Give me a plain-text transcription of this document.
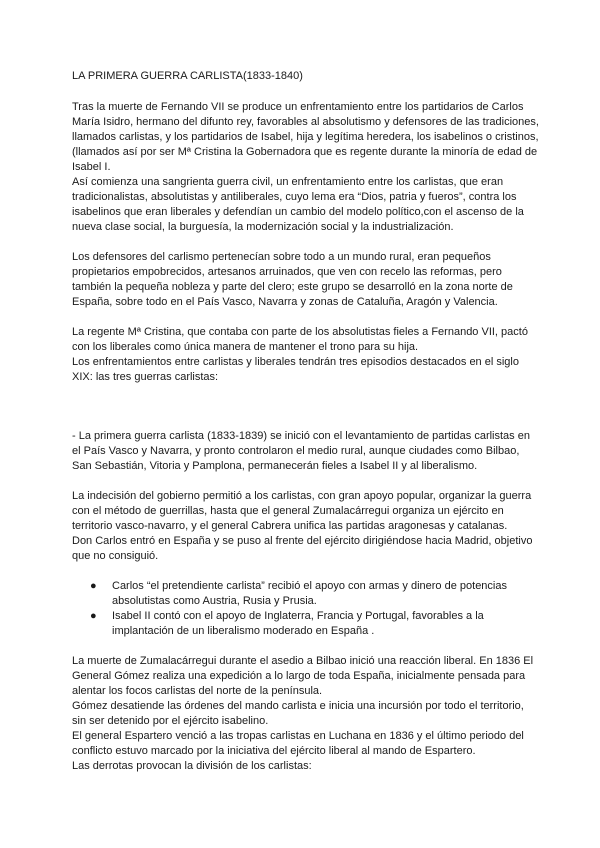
LA PRIMERA GUERRA CARLISTA(1833-1840)

Tras la muerte de Fernando VII se produce un enfrentamiento entre los partidarios de Carlos María Isidro, hermano del difunto rey, favorables al absolutismo y defensores de las tradiciones, llamados carlistas, y los partidarios de Isabel, hija y legítima heredera, los isabelinos o cristinos, (llamados así por ser Mª Cristina la Gobernadora que es regente durante la minoría de edad de Isabel I.

Así comienza una sangrienta guerra civil, un enfrentamiento entre los carlistas, que eran tradicionalistas, absolutistas y antiliberales, cuyo lema era “Dios, patria y fueros”, contra los isabelinos que eran liberales y defendían un cambio del modelo político,con el ascenso de la nueva clase social, la burguesía, la modernización social y la industrialización.

Los defensores del carlismo pertenecían sobre todo a un mundo rural, eran pequeños propietarios empobrecidos, artesanos arruinados, que ven con recelo las reformas, pero también la pequeña nobleza y parte del clero; este grupo se desarrolló en la zona norte de España, sobre todo en el País Vasco, Navarra y zonas de Cataluña, Aragón y Valencia.

La regente Mª Cristina, que contaba con parte de los absolutistas fieles a Fernando VII, pactó con los liberales como única manera de mantener el trono para su hija.

Los enfrentamientos entre carlistas y liberales tendrán tres episodios destacados en el siglo XIX: las tres guerras carlistas:

- La primera guerra carlista (1833-1839) se inició con el levantamiento de partidas carlistas en el País Vasco y Navarra, y pronto controlaron el medio rural, aunque ciudades como Bilbao, San Sebastián, Vitoria y Pamplona, permanecerán fieles a Isabel II y al liberalismo.

La indecisión del gobierno permitió a los carlistas, con gran apoyo popular, organizar la guerra con el método de guerrillas, hasta que el general Zumalacárregui organiza un ejército en territorio vasco-navarro, y el general Cabrera unifica las partidas aragonesas y catalanas.

Don Carlos entró en España y se puso al frente del ejército dirigiéndose hacia Madrid, objetivo que no consiguió.

● Carlos “el pretendiente carlista” recibió el apoyo con armas y dinero de potencias absolutistas como Austria, Rusia y Prusia.
● Isabel II contó con el apoyo de Inglaterra, Francia y Portugal, favorables a la implantación de un liberalismo moderado en España .

La muerte de Zumalacárregui durante el asedio a Bilbao inició una reacción liberal. En 1836 El General Gómez realiza una expedición a lo largo de toda España, inicialmente pensada para alentar los focos carlistas del norte de la península.

Gómez desatiende las órdenes del mando carlista e inicia una incursión por todo el territorio, sin ser detenido por el ejército isabelino.

El general Espartero venció a las tropas carlistas en Luchana en 1836 y el último periodo del conflicto estuvo marcado por la iniciativa del ejército liberal al mando de Espartero.

Las derrotas provocan la división de los carlistas:
